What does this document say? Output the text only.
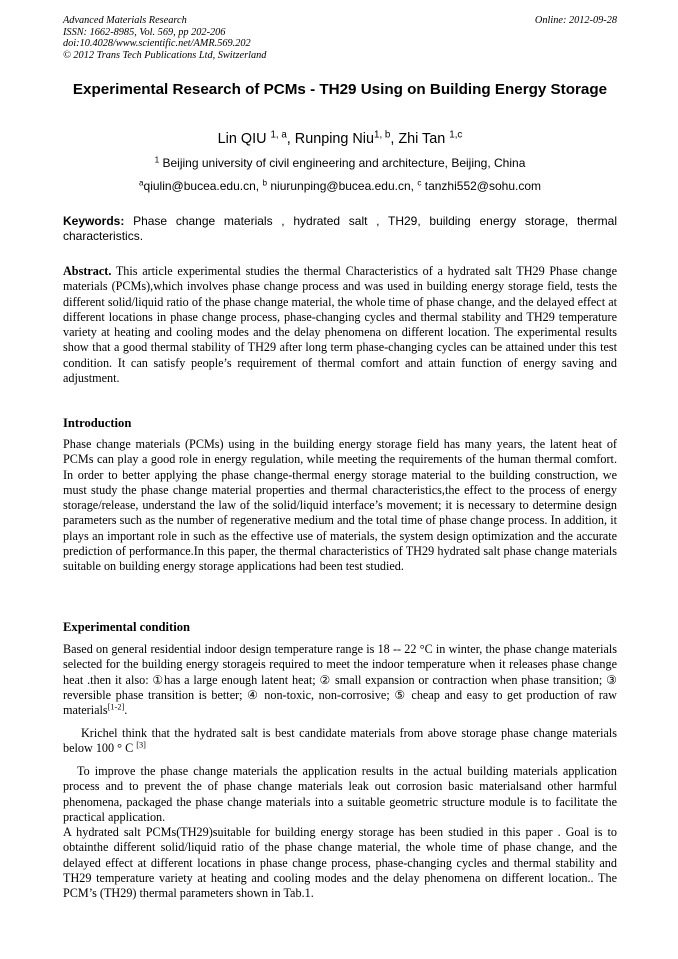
Advanced Materials Research
ISSN: 1662-8985, Vol. 569, pp 202-206
doi:10.4028/www.scientific.net/AMR.569.202
© 2012 Trans Tech Publications Ltd, Switzerland
Online: 2012-09-28
Experimental Research of PCMs - TH29 Using on Building Energy Storage
Lin QIU $^{1, a}$, Runping Niu$^{1, b}$, Zhi Tan $^{1,c}$
$^1$ Beijing university of civil engineering and architecture, Beijing, China
$^a$qiulin@bucea.edu.cn, $^b$ niurunping@bucea.edu.cn, $^c$ tanzhi552@sohu.com
Keywords: Phase change materials , hydrated salt , TH29, building energy storage, thermal characteristics.
Abstract. This article experimental studies the thermal Characteristics of a hydrated salt TH29 Phase change materials (PCMs),which involves phase change process and was used in building energy storage field, tests the different solid/liquid ratio of the phase change material, the whole time of phase change, and the delayed effect at different locations in phase change process, phase-changing cycles and thermal stability and TH29 temperature variety at heating and cooling modes and the delay phenomena on different location. The experimental results show that a good thermal stability of TH29 after long term phase-changing cycles can be attained under this test condition. It can satisfy people’s requirement of thermal comfort and attain function of energy saving and adjustment.
Introduction
Phase change materials (PCMs) using in the building energy storage field has many years, the latent heat of PCMs can play a good role in energy regulation, while meeting the requirements of the human thermal comfort. In order to better applying the phase change-thermal energy storage material to the building construction, we must study the phase change material properties and thermal characteristics,the effect to the process of energy storage/release, understand the law of the solid/liquid interface’s movement; it is necessary to determine design parameters such as the number of regenerative medium and the total time of phase change process. In addition, it plays an important role in such as the effective use of materials, the system design optimization and the accurate prediction of performance.In this paper, the thermal characteristics of TH29 hydrated salt phase change materials suitable on building energy storage applications had been test studied.
Experimental condition
Based on general residential indoor design temperature range is 18 -- 22 °C in winter, the phase change materials selected for the building energy storageis required to meet the indoor temperature when it releases phase change heat .then it also: ①has a large enough latent heat; ② small expansion or contraction when phase transition; ③ reversible phase transition is better; ④ non-toxic, non-corrosive; ⑤ cheap and easy to get production of raw materials[1-2].
Krichel think that the hydrated salt is best candidate materials from above storage phase change materials below 100 ° C [3]
To improve the phase change materials the application results in the actual building materials application process and to prevent the of phase change materials leak out corrosion basic materialsand other harmful phenomena, packaged the phase change materials into a suitable geometric structure module is to facilitate the practical application.
A hydrated salt PCMs(TH29)suitable for building energy storage has been studied in this paper . Goal is to obtainthe different solid/liquid ratio of the phase change material, the whole time of phase change, and the delayed effect at different locations in phase change process, phase-changing cycles and thermal stability and TH29 temperature variety at heating and cooling modes and the delay phenomena on different location.. The PCM’s (TH29) thermal parameters shown in Tab.1.
